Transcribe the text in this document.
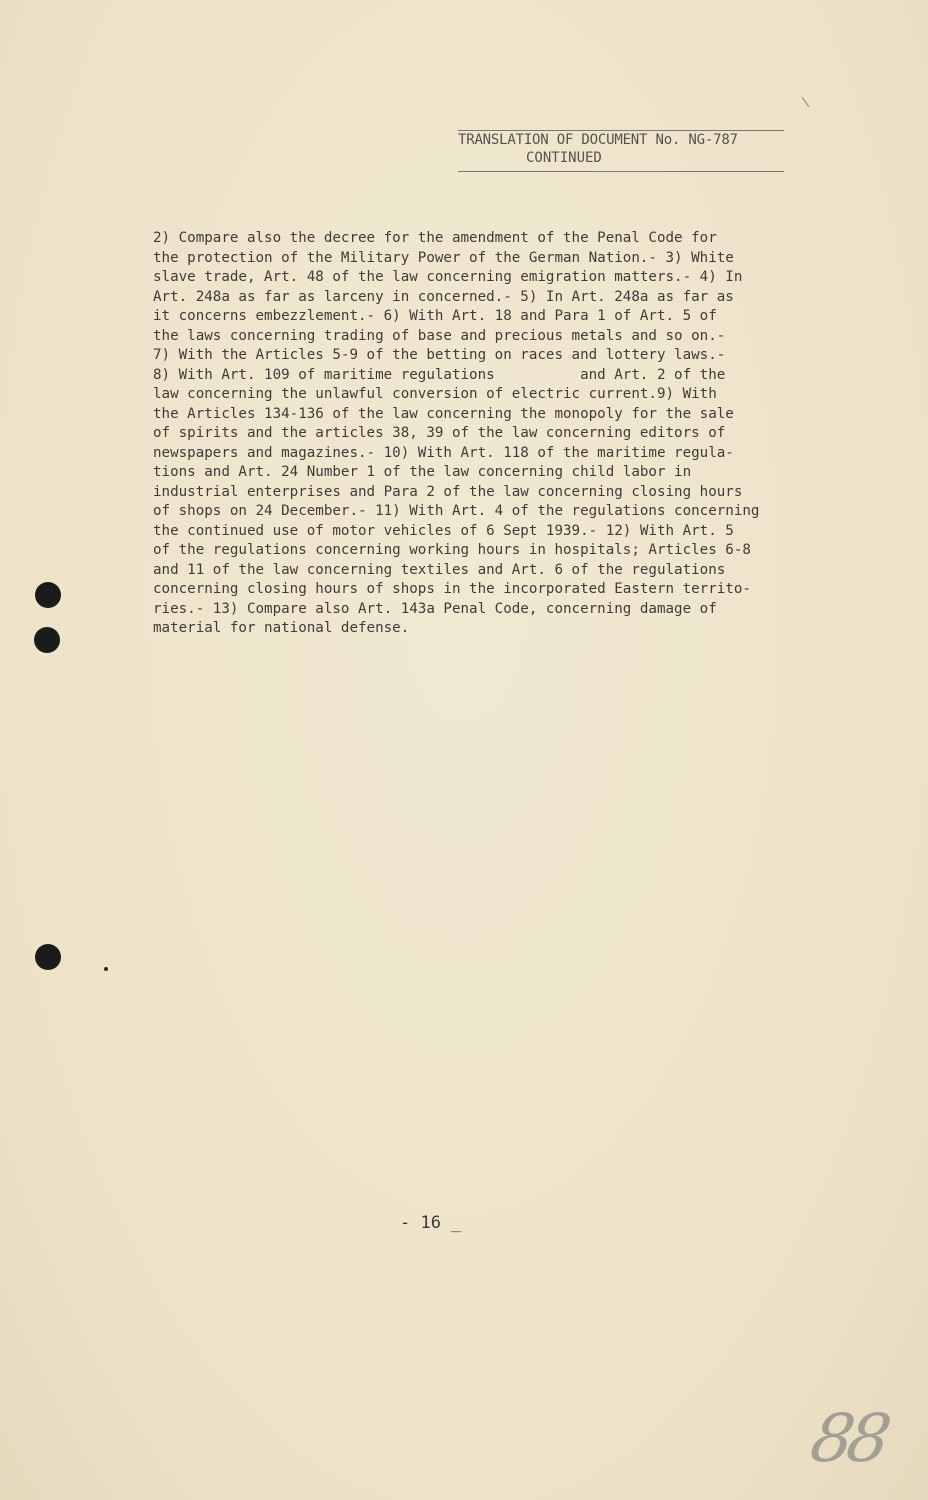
TRANSLATION OF DOCUMENT No. NG-787
CONTINUED
2) Compare also the decree for the amendment of the Penal Code for
the protection of the Military Power of the German Nation.- 3) White
slave trade, Art. 48 of the law concerning emigration matters.- 4) In
Art. 248a as far as larceny in concerned.- 5) In Art. 248a as far as
it concerns embezzlement.- 6) With Art. 18 and Para 1 of Art. 5 of
the laws concerning trading of base and precious metals and so on.-
7) With the Articles 5-9 of the betting on races and lottery laws.-
8) With Art. 109 of maritime regulations          and Art. 2 of the
law concerning the unlawful conversion of electric current.9) With
the Articles 134-136 of the law concerning the monopoly for the sale
of spirits and the articles 38, 39 of the law concerning editors of
newspapers and magazines.- 10) With Art. 118 of the maritime regula-
tions and Art. 24 Number 1 of the law concerning child labor in
industrial enterprises and Para 2 of the law concerning closing hours
of shops on 24 December.- 11) With Art. 4 of the regulations concerning
the continued use of motor vehicles of 6 Sept 1939.- 12) With Art. 5
of the regulations concerning working hours in hospitals; Articles 6-8
and 11 of the law concerning textiles and Art. 6 of the regulations
concerning closing hours of shops in the incorporated Eastern territo-
ries.- 13) Compare also Art. 143a Penal Code, concerning damage of
material for national defense.
- 16 _
88
